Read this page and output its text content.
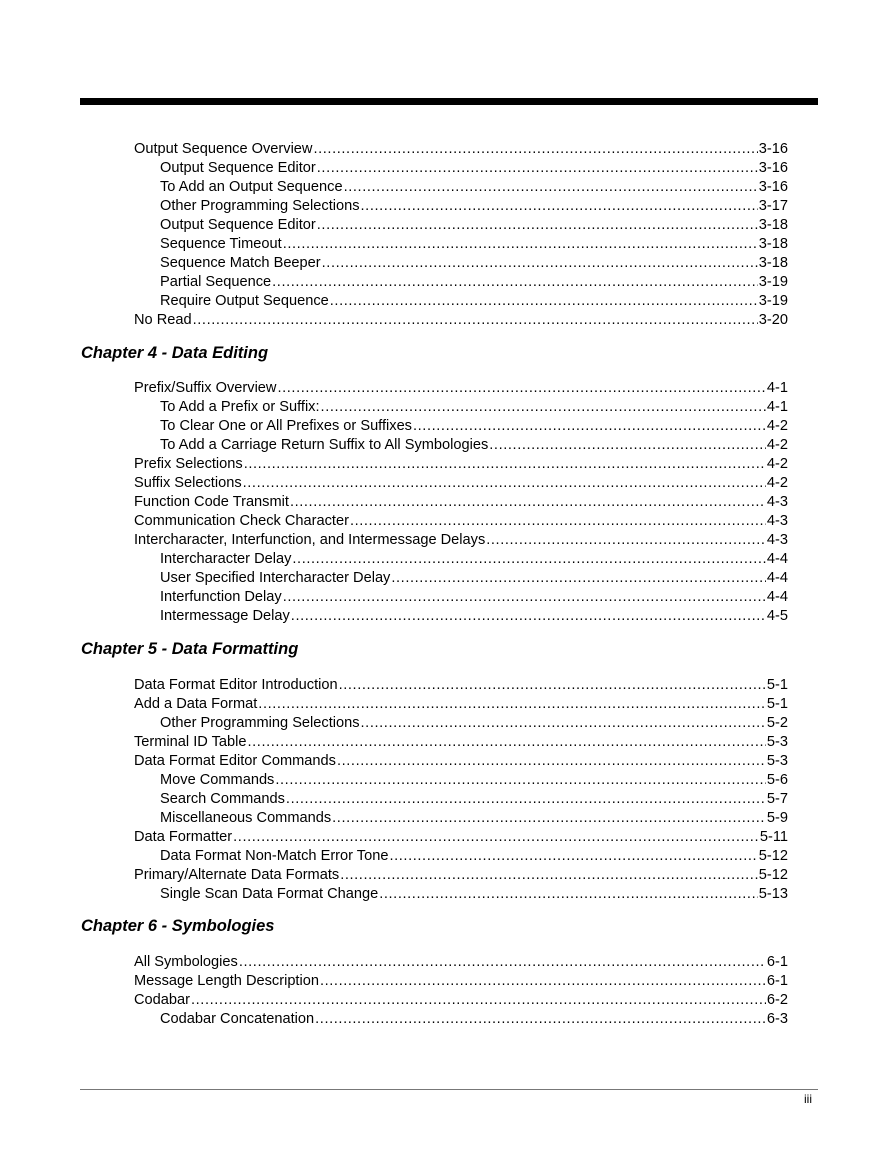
Output Sequence Overview .....	3-16
Output Sequence Editor .....	3-16
To Add an Output Sequence .....	3-16
Other Programming Selections .....	3-17
Output Sequence Editor .....	3-18
Sequence Timeout .....	3-18
Sequence Match Beeper .....	3-18
Partial Sequence .....	3-19
Require Output Sequence .....	3-19
No Read .....	3-20
Chapter 4 - Data Editing
Prefix/Suffix Overview .....	4-1
To Add a Prefix or Suffix: .....	4-1
To Clear One or All Prefixes or Suffixes .....	4-2
To Add a Carriage Return Suffix to All Symbologies .....	4-2
Prefix Selections .....	4-2
Suffix Selections .....	4-2
Function Code Transmit .....	4-3
Communication Check Character .....	4-3
Intercharacter, Interfunction, and Intermessage Delays .....	4-3
Intercharacter Delay .....	4-4
User Specified Intercharacter Delay .....	4-4
Interfunction Delay .....	4-4
Intermessage Delay .....	4-5
Chapter 5 - Data Formatting
Data Format Editor Introduction .....	5-1
Add a Data Format .....	5-1
Other Programming Selections .....	5-2
Terminal ID Table .....	5-3
Data Format Editor Commands .....	5-3
Move Commands .....	5-6
Search Commands .....	5-7
Miscellaneous Commands .....	5-9
Data Formatter .....	5-11
Data Format Non-Match Error Tone .....	5-12
Primary/Alternate Data Formats .....	5-12
Single Scan Data Format Change .....	5-13
Chapter 6 - Symbologies
All Symbologies .....	6-1
Message Length Description .....	6-1
Codabar .....	6-2
Codabar Concatenation .....	6-3
iii
